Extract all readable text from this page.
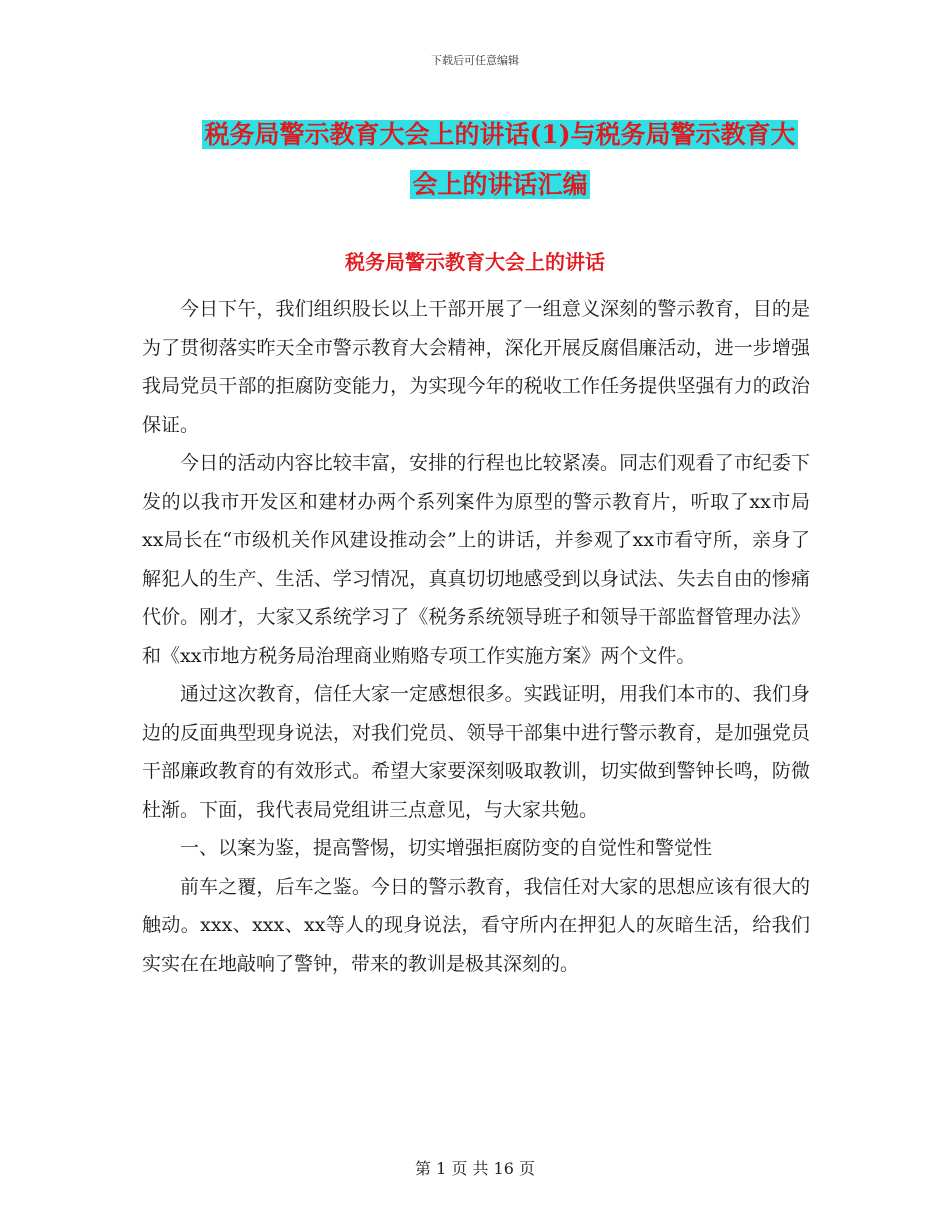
下载后可任意编辑
税务局警示教育大会上的讲话(1)与税务局警示教育大
会上的讲话汇编
税务局警示教育大会上的讲话

今日下午，我们组织股长以上干部开展了一组意义深刻的警示教育，目的是为了贯彻落实昨天全市警示教育大会精神，深化开展反腐倡廉活动，进一步增强我局党员干部的拒腐防变能力，为实现今年的税收工作任务提供坚强有力的政治保证。

今日的活动内容比较丰富，安排的行程也比较紧凑。同志们观看了市纪委下发的以我市开发区和建材办两个系列案件为原型的警示教育片，听取了xx市局xx局长在“市级机关作风建设推动会”上的讲话，并参观了xx市看守所，亲身了解犯人的生产、生活、学习情况，真真切切地感受到以身试法、失去自由的惨痛代价。刚才，大家又系统学习了《税务系统领导班子和领导干部监督管理办法》和《xx市地方税务局治理商业贿赂专项工作实施方案》两个文件。

通过这次教育，信任大家一定感想很多。实践证明，用我们本市的、我们身边的反面典型现身说法，对我们党员、领导干部集中进行警示教育，是加强党员干部廉政教育的有效形式。希望大家要深刻吸取教训，切实做到警钟长鸣，防微杜渐。下面，我代表局党组讲三点意见，与大家共勉。

一、以案为鉴，提高警惕，切实增强拒腐防变的自觉性和警觉性

前车之覆，后车之鉴。今日的警示教育，我信任对大家的思想应该有很大的触动。xxx、xxx、xx等人的现身说法，看守所内在押犯人的灰暗生活，给我们实实在在地敲响了警钟，带来的教训是极其深刻的。

第 1 页 共 16 页
